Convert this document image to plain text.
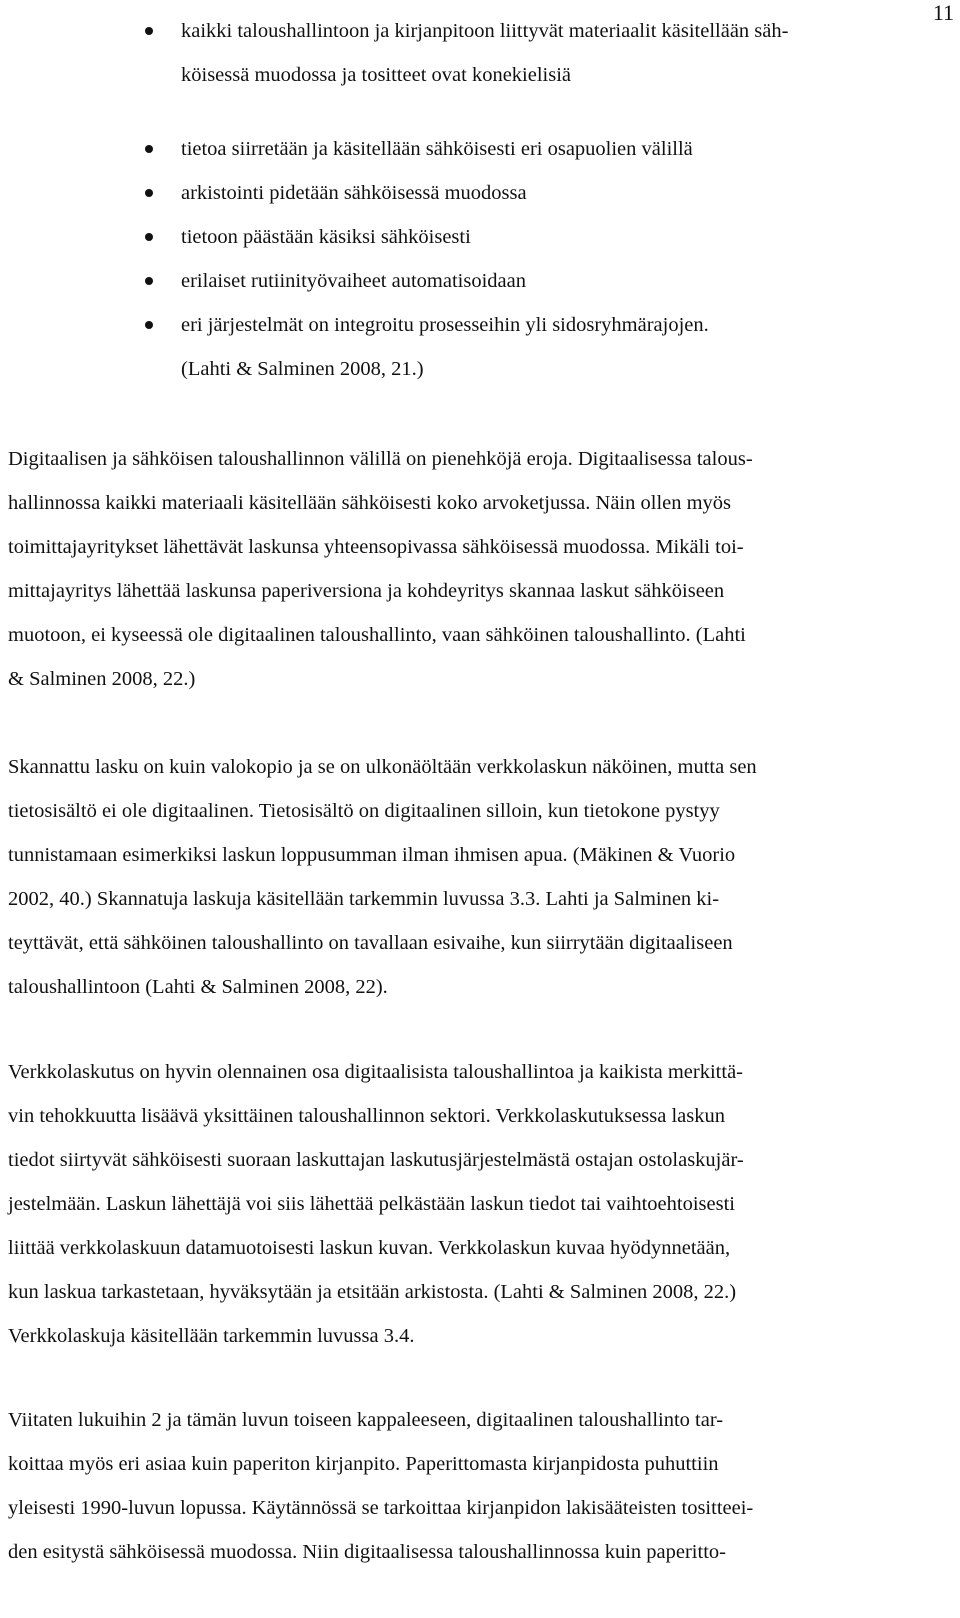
11
kaikki taloushallintoon ja kirjanpitoon liittyvät materiaalit käsitellään säh-
köisessä muodossa ja tositteet ovat konekielisiä
tietoa siirretään ja käsitellään sähköisesti eri osapuolien välillä
arkistointi pidetään sähköisessä muodossa
tietoon päästään käsiksi sähköisesti
erilaiset rutiinityövaiheet automatisoidaan
eri järjestelmät on integroitu prosesseihin yli sidosryhmärajojen.
(Lahti & Salminen 2008, 21.)
Digitaalisen ja sähköisen taloushallinnon välillä on pienehköjä eroja. Digitaalisessa talous-
hallinnossa kaikki materiaali käsitellään sähköisesti koko arvoketjussa. Näin ollen myös
toimittajayritykset lähettävät laskunsa yhteensopivassa sähköisessä muodossa. Mikäli toi-
mittajayritys lähettää laskunsa paperiversiona ja kohdeyritys skannaa laskut sähköiseen
muotoon, ei kyseessä ole digitaalinen taloushallinto, vaan sähköinen taloushallinto. (Lahti
& Salminen 2008, 22.)
Skannattu lasku on kuin valokopio ja se on ulkonäöltään verkkolaskun näköinen, mutta sen
tietosisältö ei ole digitaalinen. Tietosisältö on digitaalinen silloin, kun tietokone pystyy
tunnistamaan esimerkiksi laskun loppusumman ilman ihmisen apua. (Mäkinen & Vuorio
2002, 40.) Skannatuja laskuja käsitellään tarkemmin luvussa 3.3. Lahti ja Salminen ki-
teyttävät, että sähköinen taloushallinto on tavallaan esivaihe, kun siirrytään digitaaliseen
taloushallintoon (Lahti & Salminen 2008, 22).
Verkkolaskutus on hyvin olennainen osa digitaalisista taloushallintoa ja kaikista merkittä-
vin tehokkuutta lisäävä yksittäinen taloushallinnon sektori. Verkkolaskutuksessa laskun
tiedot siirtyvät sähköisesti suoraan laskuttajan laskutusjärjestelmästä ostajan ostolaskujär-
jestelmään. Laskun lähettäjä voi siis lähettää pelkästään laskun tiedot tai vaihtoehtoisesti
liittää verkkolaskuun datamuotoisesti laskun kuvan. Verkkolaskun kuvaa hyödynnetään,
kun laskua tarkastetaan, hyväksytään ja etsitään arkistosta. (Lahti & Salminen 2008, 22.)
Verkkolaskuja käsitellään tarkemmin luvussa 3.4.
Viitaten lukuihin 2 ja tämän luvun toiseen kappaleeseen, digitaalinen taloushallinto tar-
koittaa myös eri asiaa kuin paperiton kirjanpito. Paperittomasta kirjanpidosta puhuttiin
yleisesti 1990-luvun lopussa. Käytännössä se tarkoittaa kirjanpidon lakisääteisten tositteei-
den esitystä sähköisessä muodossa. Niin digitaalisessa taloushallinnossa kuin paperitto-
